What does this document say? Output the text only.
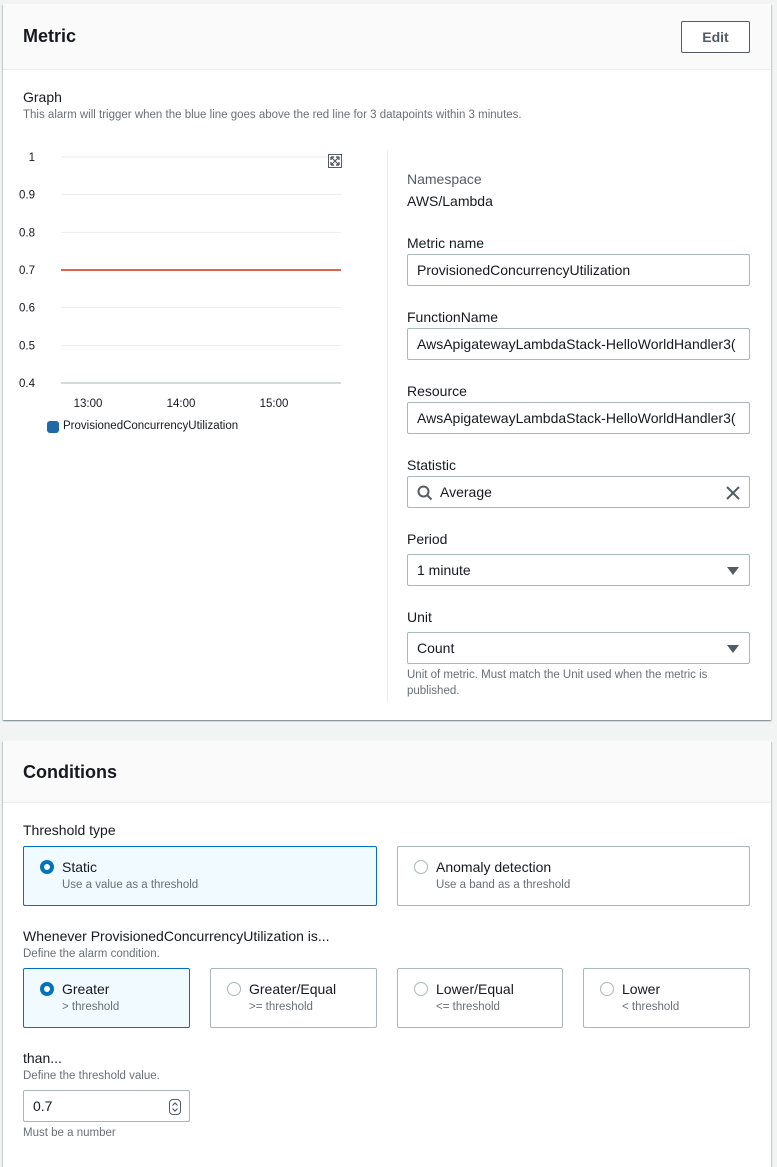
Metric	Edit
Graph
This alarm will trigger when the blue line goes above the red line for 3 datapoints within 3 minutes.
1
0.9
0.8
0.7
0.6
0.5
0.4
13:00	14:00	15:00
ProvisionedConcurrencyUtilization
Namespace
AWS/Lambda
Metric name
ProvisionedConcurrencyUtilization
FunctionName
AwsApigatewayLambdaStack-HelloWorldHandler3(
Resource
AwsApigatewayLambdaStack-HelloWorldHandler3(
Statistic
Average
Period
1 minute
Unit
Count
Unit of metric. Must match the Unit used when the metric is
published.
Conditions
Threshold type
Static
Use a value as a threshold
Anomaly detection
Use a band as a threshold
Whenever ProvisionedConcurrencyUtilization is...
Define the alarm condition.
Greater
> threshold
Greater/Equal
>= threshold
Lower/Equal
<= threshold
Lower
< threshold
than...
Define the threshold value.
0.7
Must be a number
